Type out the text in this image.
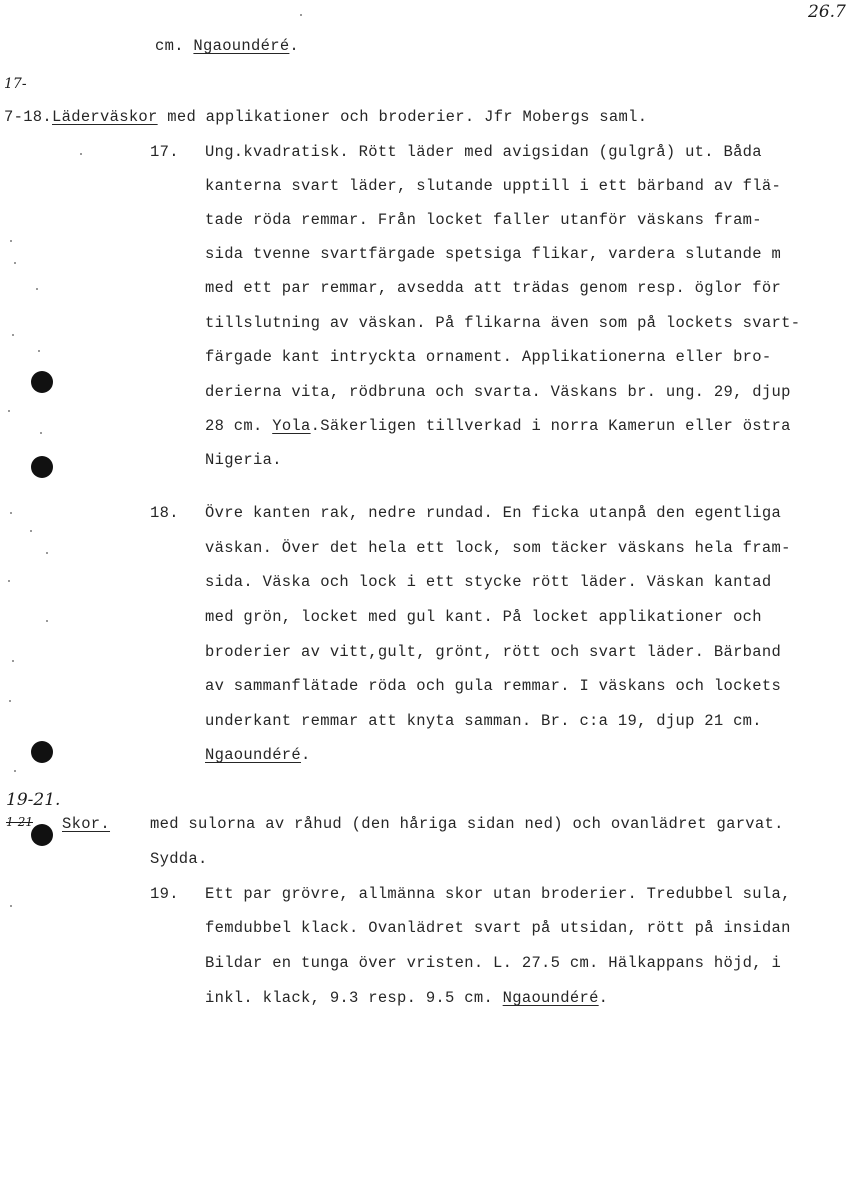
26.7
cm. Ngaoundéré.
17-
7-18.Läderväskor med applikationer och broderier. Jfr Mobergs saml.
17. Ung.kvadratisk. Rött läder med avigsidan (gulgrå) ut. Båda
kanterna svart läder, slutande upptill i ett bärband av flä-
tade röda remmar. Från locket faller utanför väskans fram-
sida tvenne svartfärgade spetsiga flikar, vardera slutande m
med ett par remmar, avsedda att trädas genom resp. öglor för
tillslutning av väskan. På flikarna även som på lockets svart-
färgade kant intryckta ornament. Applikationerna eller bro-
derierna vita, rödbruna och svarta. Väskans br. ung. 29, djup
28 cm. Yola.Säkerligen tillverkad i norra Kamerun eller östra
Nigeria.
18. Övre kanten rak, nedre rundad. En ficka utanpå den egentliga
väskan. Över det hela ett lock, som täcker väskans hela fram-
sida. Väska och lock i ett stycke rött läder. Väskan kantad
med grön, locket med gul kant. På locket applikationer och
broderier av vitt,gult, grönt, rött och svart läder. Bärband
av sammanflätade röda och gula remmar. I väskans och lockets
underkant remmar att knyta samman. Br. c:a 19, djup 21 cm.
Ngaoundéré.
19-21.
1-21 Skor.	med sulorna av råhud (den håriga sidan ned) och ovanlädret garvat.
Sydda.
19. Ett par grövre, allmänna skor utan broderier. Tredubbel sula,
femdubbel klack. Ovanlädret svart på utsidan, rött på insidan
Bildar en tunga över vristen. L. 27.5 cm. Hälkappans höjd, i
inkl. klack, 9.3 resp. 9.5 cm. Ngaoundéré.
